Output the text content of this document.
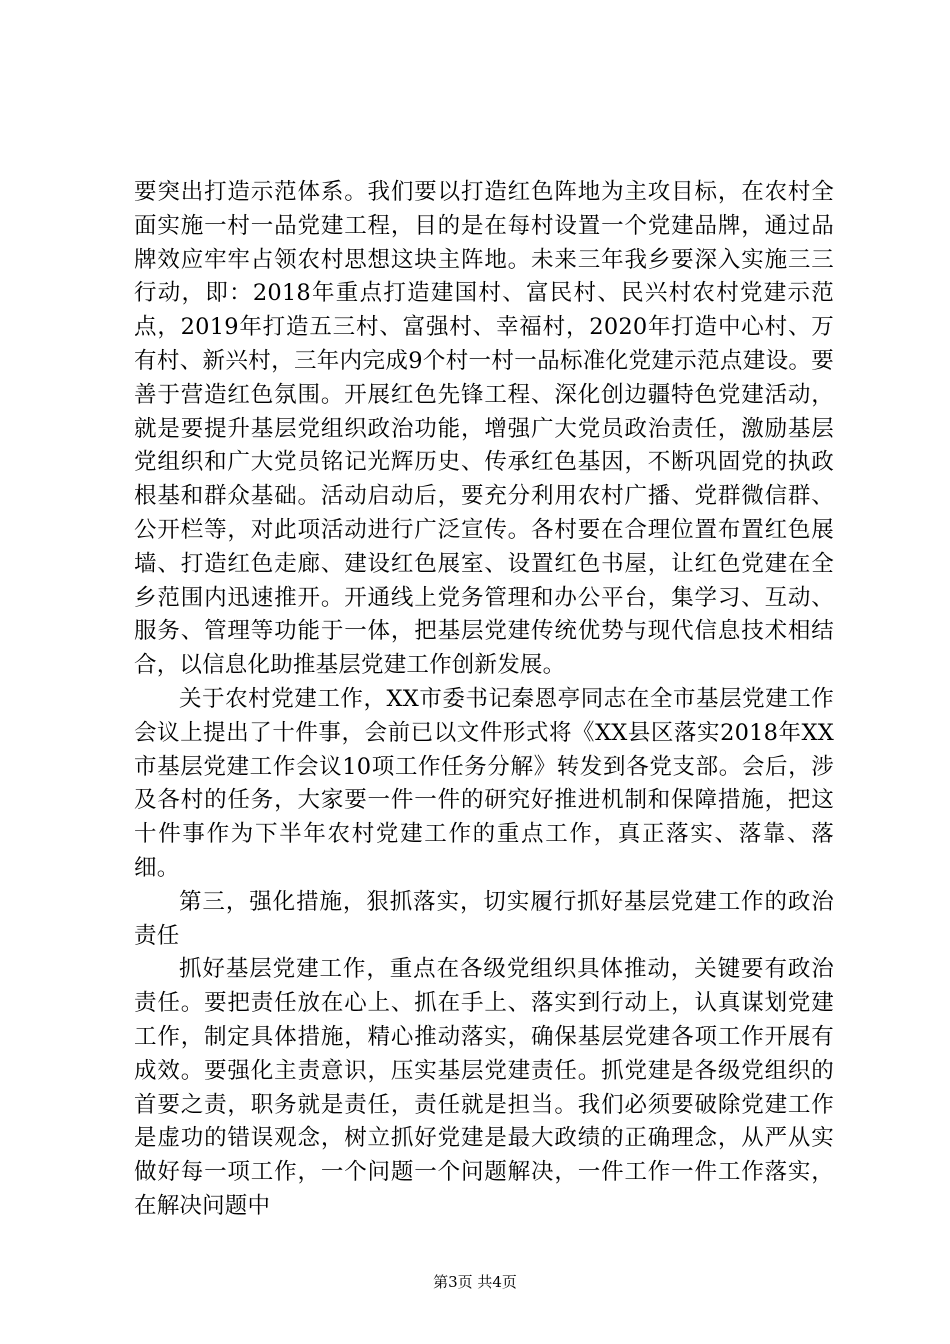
要突出打造示范体系。我们要以打造红色阵地为主攻目标，在农村全面实施一村一品党建工程，目的是在每村设置一个党建品牌，通过品牌效应牢牢占领农村思想这块主阵地。未来三年我乡要深入实施三三行动，即：2018年重点打造建国村、富民村、民兴村农村党建示范点，2019年打造五三村、富强村、幸福村，2020年打造中心村、万有村、新兴村，三年内完成9个村一村一品标准化党建示范点建设。要善于营造红色氛围。开展红色先锋工程、深化创边疆特色党建活动，就是要提升基层党组织政治功能，增强广大党员政治责任，激励基层党组织和广大党员铭记光辉历史、传承红色基因，不断巩固党的执政根基和群众基础。活动启动后，要充分利用农村广播、党群微信群、公开栏等，对此项活动进行广泛宣传。各村要在合理位置布置红色展墙、打造红色走廊、建设红色展室、设置红色书屋，让红色党建在全乡范围内迅速推开。开通线上党务管理和办公平台，集学习、互动、服务、管理等功能于一体，把基层党建传统优势与现代信息技术相结合，以信息化助推基层党建工作创新发展。

关于农村党建工作，XX市委书记秦恩亭同志在全市基层党建工作会议上提出了十件事，会前已以文件形式将《XX县区落实2018年XX市基层党建工作会议10项工作任务分解》转发到各党支部。会后，涉及各村的任务，大家要一件一件的研究好推进机制和保障措施，把这十件事作为下半年农村党建工作的重点工作，真正落实、落靠、落细。

第三，强化措施，狠抓落实，切实履行抓好基层党建工作的政治责任

抓好基层党建工作，重点在各级党组织具体推动，关键要有政治责任。要把责任放在心上、抓在手上、落实到行动上，认真谋划党建工作，制定具体措施，精心推动落实，确保基层党建各项工作开展有成效。要强化主责意识，压实基层党建责任。抓党建是各级党组织的首要之责，职务就是责任，责任就是担当。我们必须要破除党建工作是虚功的错误观念，树立抓好党建是最大政绩的正确理念，从严从实做好每一项工作，一个问题一个问题解决，一件工作一件工作落实，在解决问题中

第3页 共4页
